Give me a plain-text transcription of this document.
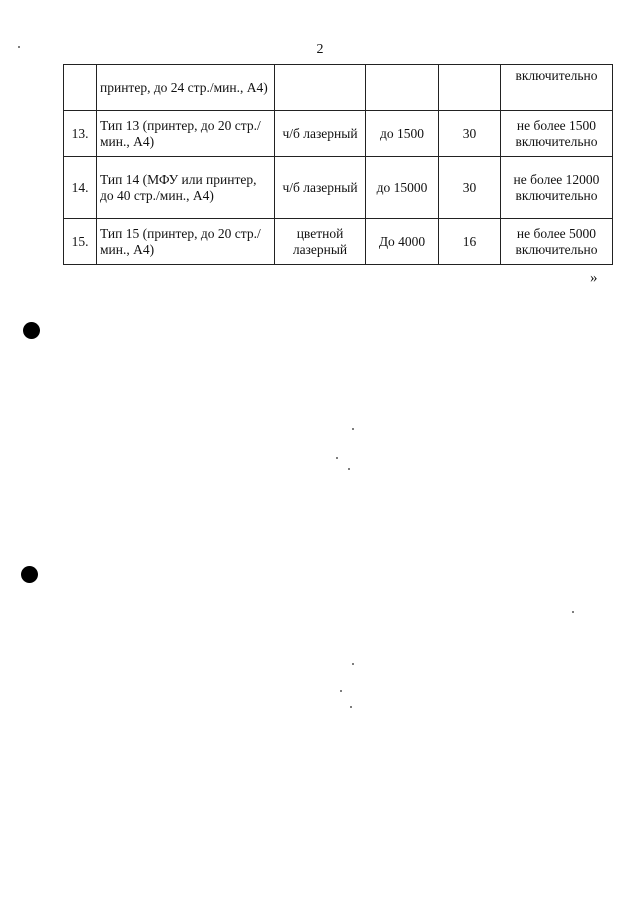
2
	принтер, до 24 стр./мин., А4)				включительно
13.	Тип 13 (принтер, до 20 стр./мин., А4)	ч/б лазерный	до 1500	30	не более 1500 включительно
14.	Тип 14 (МФУ или принтер, до 40 стр./мин., А4)	ч/б лазерный	до 15000	30	не более 12000 включительно
15.	Тип 15 (принтер, до 20 стр./мин., А4)	цветной лазерный	До 4000	16	не более 5000 включительно
»
